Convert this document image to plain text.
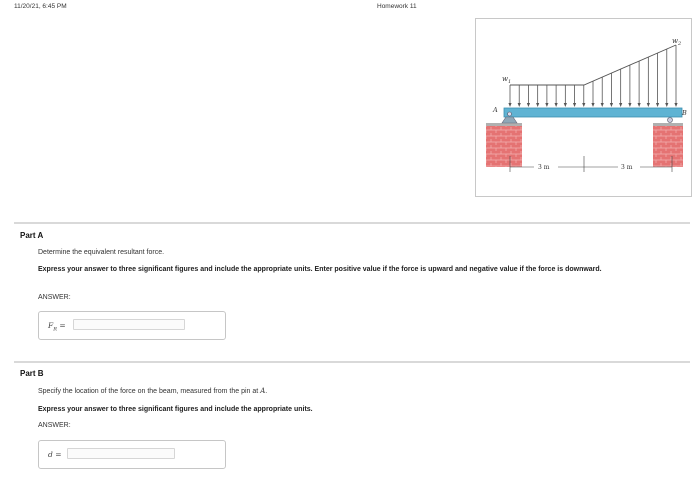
11/20/21, 6:45 PM	Homework 11
$w_1$
$w_2$
A	B
3 m	3 m
Part A
Determine the equivalent resultant force.
Express your answer to three significant figures and include the appropriate units. Enter positive value if the force is upward and negative value if the force is downward.
ANSWER:
$F_R$ =
Part B
Specify the location of the force on the beam, measured from the pin at A.
Express your answer to three significant figures and include the appropriate units.
ANSWER:
d =
